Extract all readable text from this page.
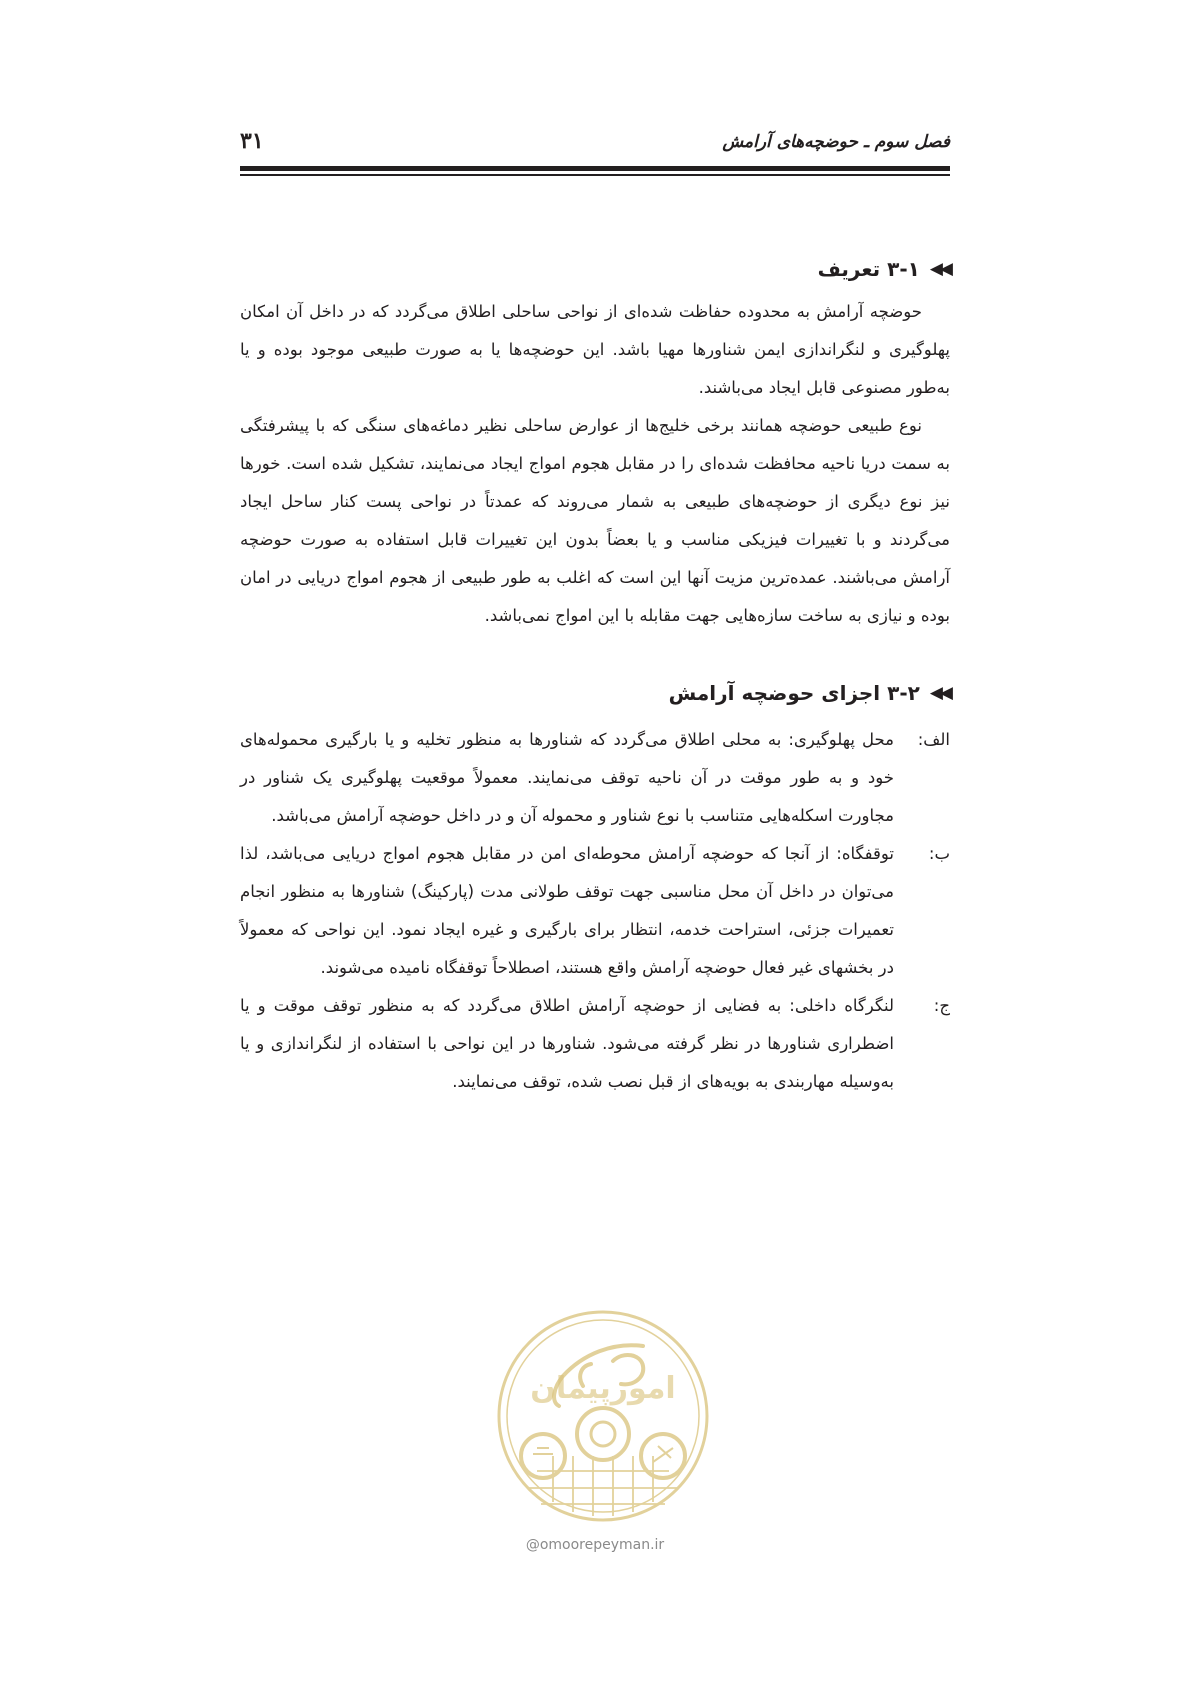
فصل سوم ـ حوضچه‌های آرامش
۳۱
◀◀
۳-۱ تعریف

حوضچه آرامش به محدوده حفاظت شده‌ای از نواحی ساحلی اطلاق می‌گردد که در داخل آن امکان پهلوگیری و لنگراندازی ایمن شناورها مهیا باشد. این حوضچه‌ها یا به صورت طبیعی موجود بوده و یا به‌طور مصنوعی قابل ایجاد می‌باشند.

نوع طبیعی حوضچه همانند برخی خلیج‌ها از عوارض ساحلی نظیر دماغه‌های سنگی که با پیشرفتگی به سمت دریا ناحیه محافظت شده‌ای را در مقابل هجوم امواج ایجاد می‌نمایند، تشکیل شده است. خورها نیز نوع دیگری از حوضچه‌های طبیعی به شمار می‌روند که عمدتاً در نواحی پست کنار ساحل ایجاد می‌گردند و با تغییرات فیزیکی مناسب و یا بعضاً بدون این تغییرات قابل استفاده به صورت حوضچه آرامش می‌باشند. عمده‌ترین مزیت آنها این است که اغلب به طور طبیعی از هجوم امواج دریایی در امان بوده و نیازی به ساخت سازه‌هایی جهت مقابله با این امواج نمی‌باشد.

◀◀
۳-۲ اجزای حوضچه آرامش
الف:
محل پهلوگیری: به محلی اطلاق می‌گردد که شناورها به منظور تخلیه و یا بارگیری محموله‌های خود و به طور موقت در آن ناحیه توقف می‌نمایند. معمولاً موقعیت پهلوگیری یک شناور در مجاورت اسکله‌هایی متناسب با نوع شناور و محموله آن و در داخل حوضچه آرامش می‌باشد.
ب:
توقفگاه: از آنجا که حوضچه آرامش محوطه‌ای امن در مقابل هجوم امواج دریایی می‌باشد، لذا می‌توان در داخل آن محل مناسبی جهت توقف طولانی مدت (پارکینگ) شناورها به منظور انجام تعمیرات جزئی، استراحت خدمه، انتظار برای بارگیری و غیره ایجاد نمود. این نواحی که معمولاً در بخشهای غیر فعال حوضچه آرامش واقع هستند، اصطلاحاً توقفگاه نامیده می‌شوند.
ج:
لنگرگاه داخلی: به فضایی از حوضچه آرامش اطلاق می‌گردد که به منظور توقف موقت و یا اضطراری شناورها در نظر گرفته می‌شود. شناورها در این نواحی با استفاده از لنگراندازی و یا به‌وسیله مهاربندی به بویه‌های از قبل نصب شده، توقف می‌نمایند.
امورپیمان
@omoorepeyman.ir
